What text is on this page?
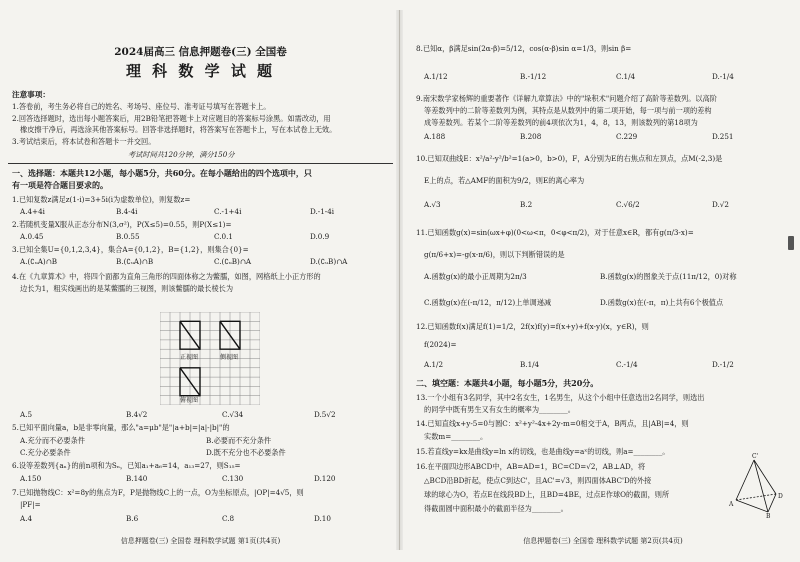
2024届高三 信息押题卷(三) 全国卷
理 科 数 学 试 题
注意事项：
1.答卷前，考生务必将自己的姓名、考场号、座位号、准考证号填写在答题卡上。
2.回答选择题时，选出每小题答案后，用2B铅笔把答题卡上对应题目的答案标号涂黑。如需改动，用
橡皮擦干净后，再选涂其他答案标号。回答非选择题时，将答案写在答题卡上，写在本试卷上无效。
3.考试结束后，将本试卷和答题卡一并交回。
考试时间共120分钟，满分150分
一、选择题：本题共12小题，每小题5分，共60分。在每小题给出的四个选项中，只
有一项是符合题目要求的。
1.已知复数z满足z(1-i)=3+5i(i为虚数单位)，则复数z=
A.4+4i	B.4-4i	C.-1+4i	D.-1-4i
2.若随机变量X服从正态分布N(3,σ²)，P(X≤5)=0.55，则P(X≤1)=
A.0.45	B.0.55	C.0.1	D.0.9
3.已知全集U={0,1,2,3,4}，集合A={0,1,2}，B={1,2}，则集合{0}=
A.(∁ᵤA)∩B	B.(∁ᵤA)∩B	C.(∁ᵤB)∩A	D.(∁ᵤB)∩A
4.在《九章算术》中，将四个面都为直角三角形的四面体称之为鳖臑，如图，网格纸上小正方形的
边长为1，粗实线画出的是某鳖臑的三视图，则该鳖臑的最长棱长为
正视图	侧视图
俯视图
A.5	B.4√2	C.√34	D.5√2
5.已知平面向量a，b是非零向量，那么"a=μb"是"|a+b|=|a|-|b|"的
A.充分而不必要条件	B.必要而不充分条件
C.充分必要条件	D.既不充分也不必要条件
6.设等差数列{aₙ}的前n项和为Sₙ，已知a₁+a₆=14，a₁₃=27，则S₁₅=
A.150	B.140	C.130	D.120
7.已知抛物线C：x²=8y的焦点为F，P是抛物线C上的一点，O为坐标原点，|OP|=4√5，则
|PF|=
A.4	B.6	C.8	D.10
信息押题卷(三) 全国卷 理科数学试题 第1页(共4页)
8.已知α，β满足sin(2α-β)=5/12，cos(α-β)sin α=1/3，则sin β=
A.1/12	B.-1/12	C.1/4	D.-1/4
9.南宋数学家杨辉的重要著作《详解九章算法》中的"垛积术"问题介绍了高阶等差数列。以高阶
等差数列中的二阶等差数列为例，其特点是从数列中的第二项开始，每一项与前一项的差构
成等差数列。若某个二阶等差数列的前4项依次为1，4，8，13，则该数列的第18项为
A.188	B.208	C.229	D.251
10.已知双曲线E：x²/a²-y²/b²=1(a>0，b>0)，F，A分别为E的右焦点和左顶点，点M(-2,3)是
E上的点，若△AMF的面积为9/2，则E的离心率为
A.√3	B.2	C.√6/2	D.√2
11.已知函数g(x)=sin(ωx+φ)(0<ω<π，0<φ<π/2)，对于任意x∈R，都有g(π/3-x)=
g(π/6+x)=-g(x-π/6)，则以下判断错误的是
A.函数g(x)的最小正周期为2π/3	B.函数g(x)的图象关于点(11π/12，0)对称
C.函数g(x)在(-π/12，π/12)上单调递减	D.函数g(x)在(-π，π)上共有6个极值点
12.已知函数f(x)满足f(1)=1/2，2f(x)f(y)=f(x+y)+f(x-y)(x，y∈R)，则
f(2024)=
A.1/2	B.1/4	C.-1/4	D.-1/2
二、填空题：本题共4小题，每小题5分，共20分。
13.一个小组有3名同学，其中2名女生，1名男生，从这个小组中任意选出2名同学，则选出
的同学中既有男生又有女生的概率为________。
14.已知直线x+y-5=0与圆C：x²+y²-4x+2y-m=0相交于A，B两点，且|AB|=4，则
实数m=________。
15.若直线y=kx是曲线y=ln x的切线，也是曲线y=aˣ的切线，则a=________。
16.在平面四边形ABCD中，AB=AD=1，BC=CD=√2，AB⊥AD，将
△BCD沿BD折起，使点C到达C'，且AC'=√3，则四面体ABC'D的外接
球的球心为O，若点E在线段BD上，且BD=4BE，过点E作球O的截面，则所
得截面圆中面积最小的截面半径为________。
C'
A
B
D
信息押题卷(三) 全国卷 理科数学试题 第2页(共4页)
